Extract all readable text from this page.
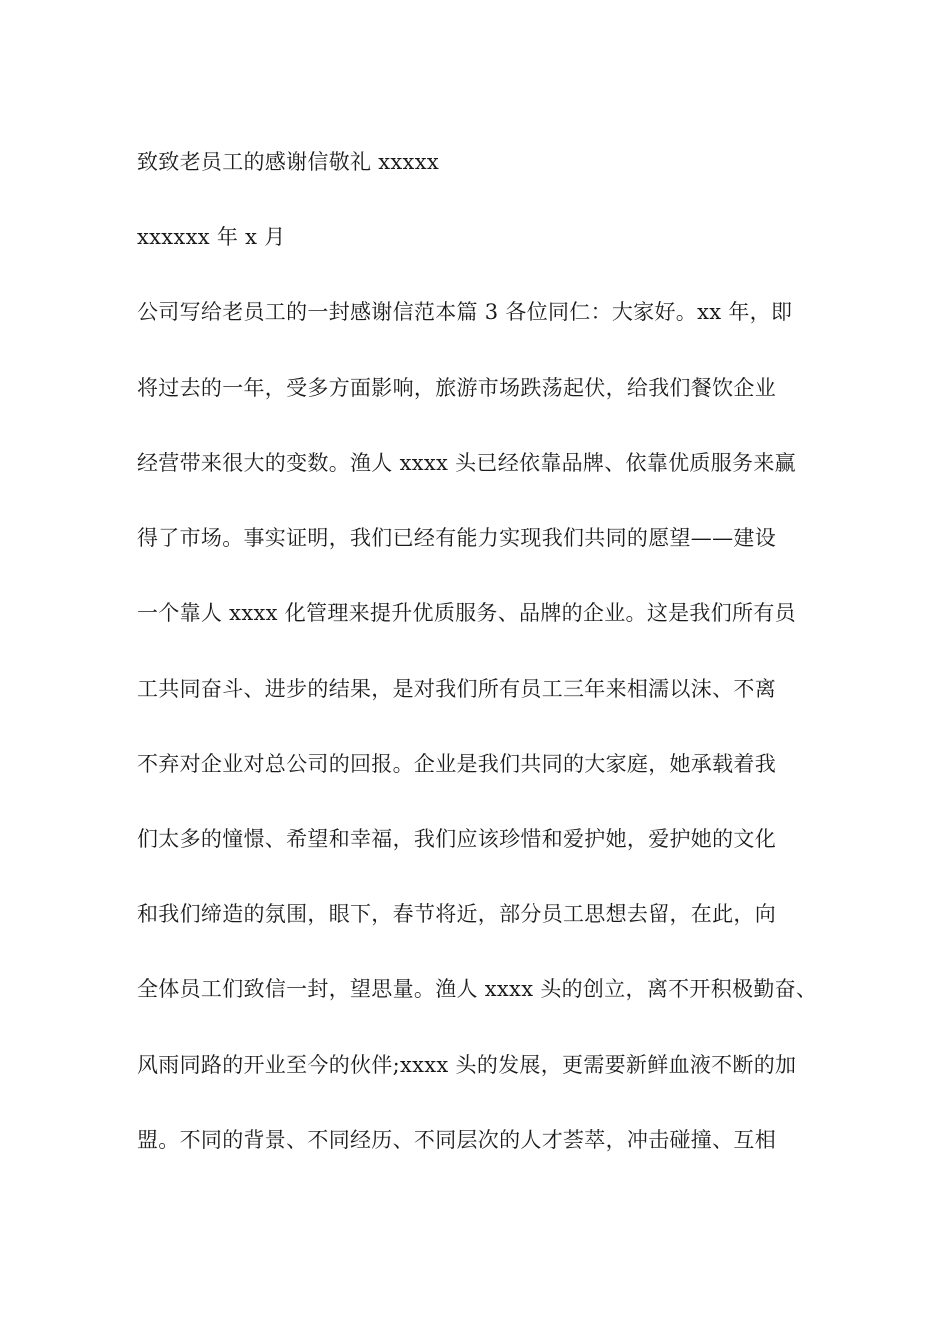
致致老员工的感谢信敬礼 xxxxx
xxxxxx 年 x 月
公司写给老员工的一封感谢信范本篇 3 各位同仁：大家好。xx 年，即
将过去的一年，受多方面影响，旅游市场跌荡起伏，给我们餐饮企业
经营带来很大的变数。渔人 xxxx 头已经依靠品牌、依靠优质服务来赢
得了市场。事实证明，我们已经有能力实现我们共同的愿望——建设
一个靠人 xxxx 化管理来提升优质服务、品牌的企业。这是我们所有员
工共同奋斗、进步的结果，是对我们所有员工三年来相濡以沫、不离
不弃对企业对总公司的回报。企业是我们共同的大家庭，她承载着我
们太多的憧憬、希望和幸福，我们应该珍惜和爱护她，爱护她的文化
和我们缔造的氛围，眼下，春节将近，部分员工思想去留，在此，向
全体员工们致信一封，望思量。渔人 xxxx 头的创立，离不开积极勤奋、
风雨同路的开业至今的伙伴;xxxx 头的发展，更需要新鲜血液不断的加
盟。不同的背景、不同经历、不同层次的人才荟萃，冲击碰撞、互相
